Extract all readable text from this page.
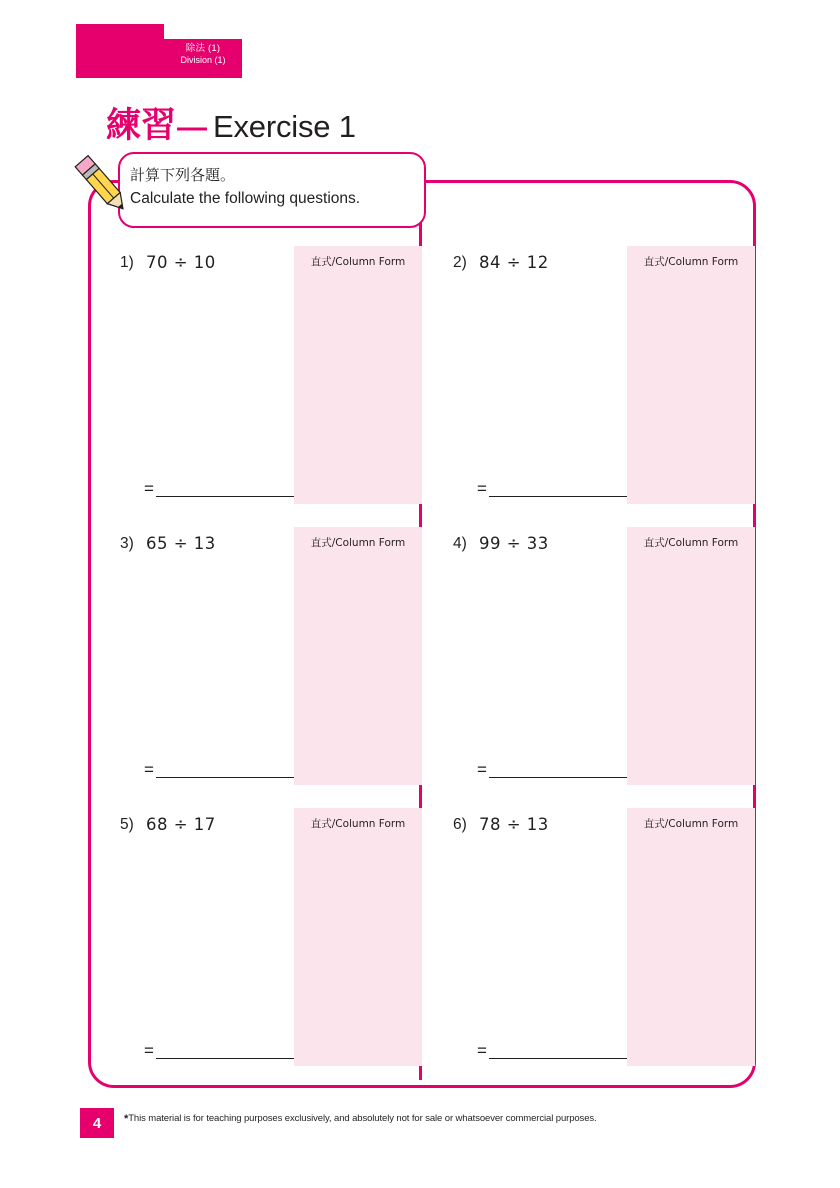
除法 (1)
Division (1)
練習 — Exercise 1
計算下列各題。
Calculate the following questions.
1) 70 ÷ 10	直式/Column Form
=
2) 84 ÷ 12	直式/Column Form
=
3) 65 ÷ 13	直式/Column Form
=
4) 99 ÷ 33	直式/Column Form
=
5) 68 ÷ 17	直式/Column Form
=
6) 78 ÷ 13	直式/Column Form
=
4	*This material is for teaching purposes exclusively, and absolutely not for sale or whatsoever commercial purposes.
